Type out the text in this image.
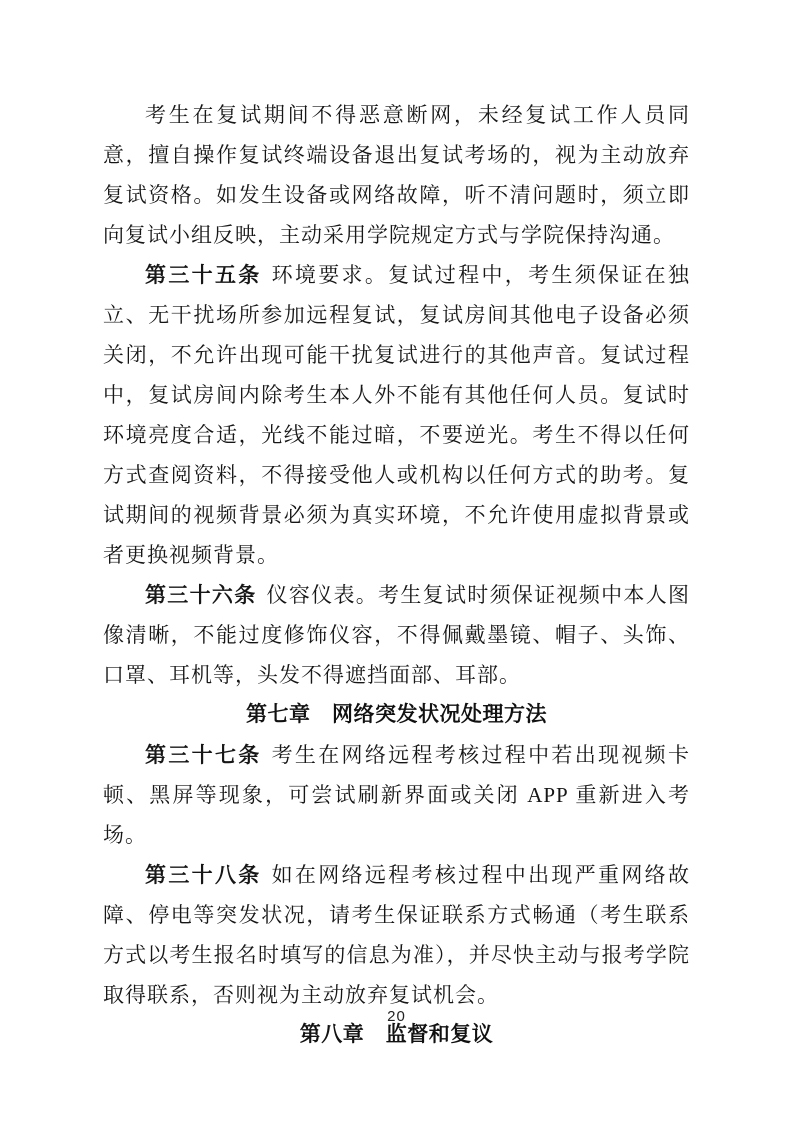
考生在复试期间不得恶意断网，未经复试工作人员同意，擅自操作复试终端设备退出复试考场的，视为主动放弃复试资格。如发生设备或网络故障，听不清问题时，须立即向复试小组反映，主动采用学院规定方式与学院保持沟通。

第三十五条 环境要求。复试过程中，考生须保证在独立、无干扰场所参加远程复试，复试房间其他电子设备必须关闭，不允许出现可能干扰复试进行的其他声音。复试过程中，复试房间内除考生本人外不能有其他任何人员。复试时环境亮度合适，光线不能过暗，不要逆光。考生不得以任何方式查阅资料，不得接受他人或机构以任何方式的助考。复试期间的视频背景必须为真实环境，不允许使用虚拟背景或者更换视频背景。

第三十六条 仪容仪表。考生复试时须保证视频中本人图像清晰，不能过度修饰仪容，不得佩戴墨镜、帽子、头饰、口罩、耳机等，头发不得遮挡面部、耳部。

第七章　网络突发状况处理方法

第三十七条 考生在网络远程考核过程中若出现视频卡顿、黑屏等现象，可尝试刷新界面或关闭 APP 重新进入考场。

第三十八条 如在网络远程考核过程中出现严重网络故障、停电等突发状况，请考生保证联系方式畅通（考生联系方式以考生报名时填写的信息为准），并尽快主动与报考学院取得联系，否则视为主动放弃复试机会。

第八章　监督和复议
20
